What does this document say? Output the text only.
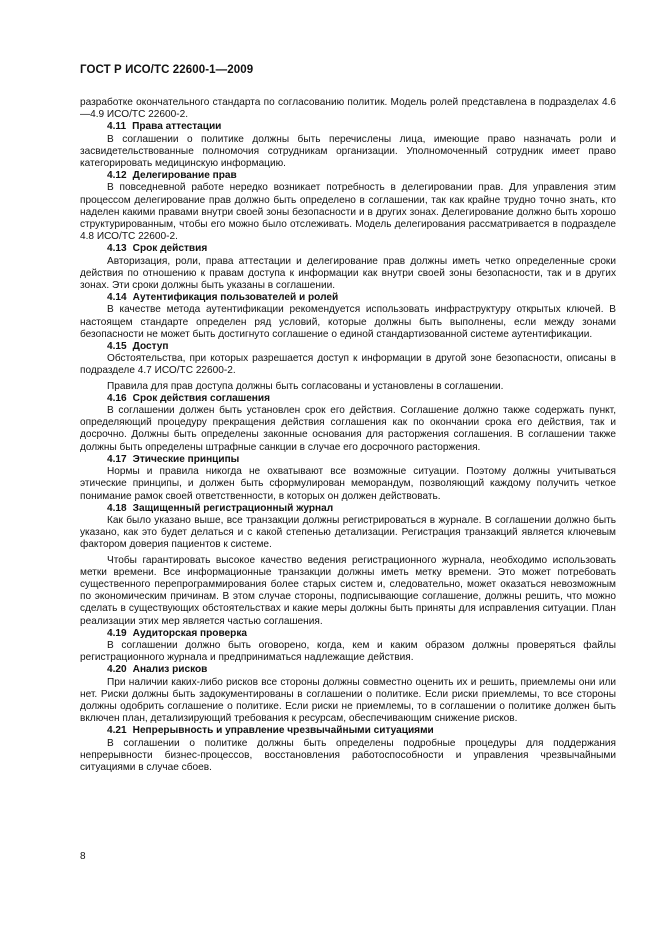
ГОСТ Р ИСО/ТС 22600-1—2009

разработке окончательного стандарта по согласованию политик. Модель ролей представлена в подразделах 4.6—4.9 ИСО/ТС 22600-2.

4.11 Права аттестации

В соглашении о политике должны быть перечислены лица, имеющие право назначать роли и засвидетельствованные полномочия сотрудникам организации. Уполномоченный сотрудник имеет право категорировать медицинскую информацию.

4.12 Делегирование прав

В повседневной работе нередко возникает потребность в делегировании прав. Для управления этим процессом делегирование прав должно быть определено в соглашении, так как крайне трудно точно знать, кто наделен какими правами внутри своей зоны безопасности и в других зонах. Делегирование должно быть хорошо структурированным, чтобы его можно было отслеживать. Модель делегирования рассматривается в подразделе 4.8 ИСО/ТС 22600-2.

4.13 Срок действия

Авторизация, роли, права аттестации и делегирование прав должны иметь четко определенные сроки действия по отношению к правам доступа к информации как внутри своей зоны безопасности, так и в других зонах. Эти сроки должны быть указаны в соглашении.

4.14 Аутентификация пользователей и ролей

В качестве метода аутентификации рекомендуется использовать инфраструктуру открытых ключей. В настоящем стандарте определен ряд условий, которые должны быть выполнены, если между зонами безопасности не может быть достигнуто соглашение о единой стандартизованной системе аутентификации.

4.15 Доступ

Обстоятельства, при которых разрешается доступ к информации в другой зоне безопасности, описаны в подразделе 4.7 ИСО/ТС 22600-2.

Правила для прав доступа должны быть согласованы и установлены в соглашении.

4.16 Срок действия соглашения

В соглашении должен быть установлен срок его действия. Соглашение должно также содержать пункт, определяющий процедуру прекращения действия соглашения как по окончании срока его действия, так и досрочно. Должны быть определены законные основания для расторжения соглашения. В соглашении также должны быть определены штрафные санкции в случае его досрочного расторжения.

4.17 Этические принципы

Нормы и правила никогда не охватывают все возможные ситуации. Поэтому должны учитываться этические принципы, и должен быть сформулирован меморандум, позволяющий каждому получить четкое понимание рамок своей ответственности, в которых он должен действовать.

4.18 Защищенный регистрационный журнал

Как было указано выше, все транзакции должны регистрироваться в журнале. В соглашении должно быть указано, как это будет делаться и с какой степенью детализации. Регистрация транзакций является ключевым фактором доверия пациентов к системе.

Чтобы гарантировать высокое качество ведения регистрационного журнала, необходимо использовать метки времени. Все информационные транзакции должны иметь метку времени. Это может потребовать существенного перепрограммирования более старых систем и, следовательно, может оказаться невозможным по экономическим причинам. В этом случае стороны, подписывающие соглашение, должны решить, что можно сделать в существующих обстоятельствах и какие меры должны быть приняты для исправления ситуации. План реализации этих мер является частью соглашения.

4.19 Аудиторская проверка

В соглашении должно быть оговорено, когда, кем и каким образом должны проверяться файлы регистрационного журнала и предприниматься надлежащие действия.

4.20 Анализ рисков

При наличии каких-либо рисков все стороны должны совместно оценить их и решить, приемлемы они или нет. Риски должны быть задокументированы в соглашении о политике. Если риски приемлемы, то все стороны должны одобрить соглашение о политике. Если риски не приемлемы, то в соглашении о политике должен быть включен план, детализирующий требования к ресурсам, обеспечивающим снижение рисков.

4.21 Непрерывность и управление чрезвычайными ситуациями

В соглашении о политике должны быть определены подробные процедуры для поддержания непрерывности бизнес-процессов, восстановления работоспособности и управления чрезвычайными ситуациями в случае сбоев.

8
